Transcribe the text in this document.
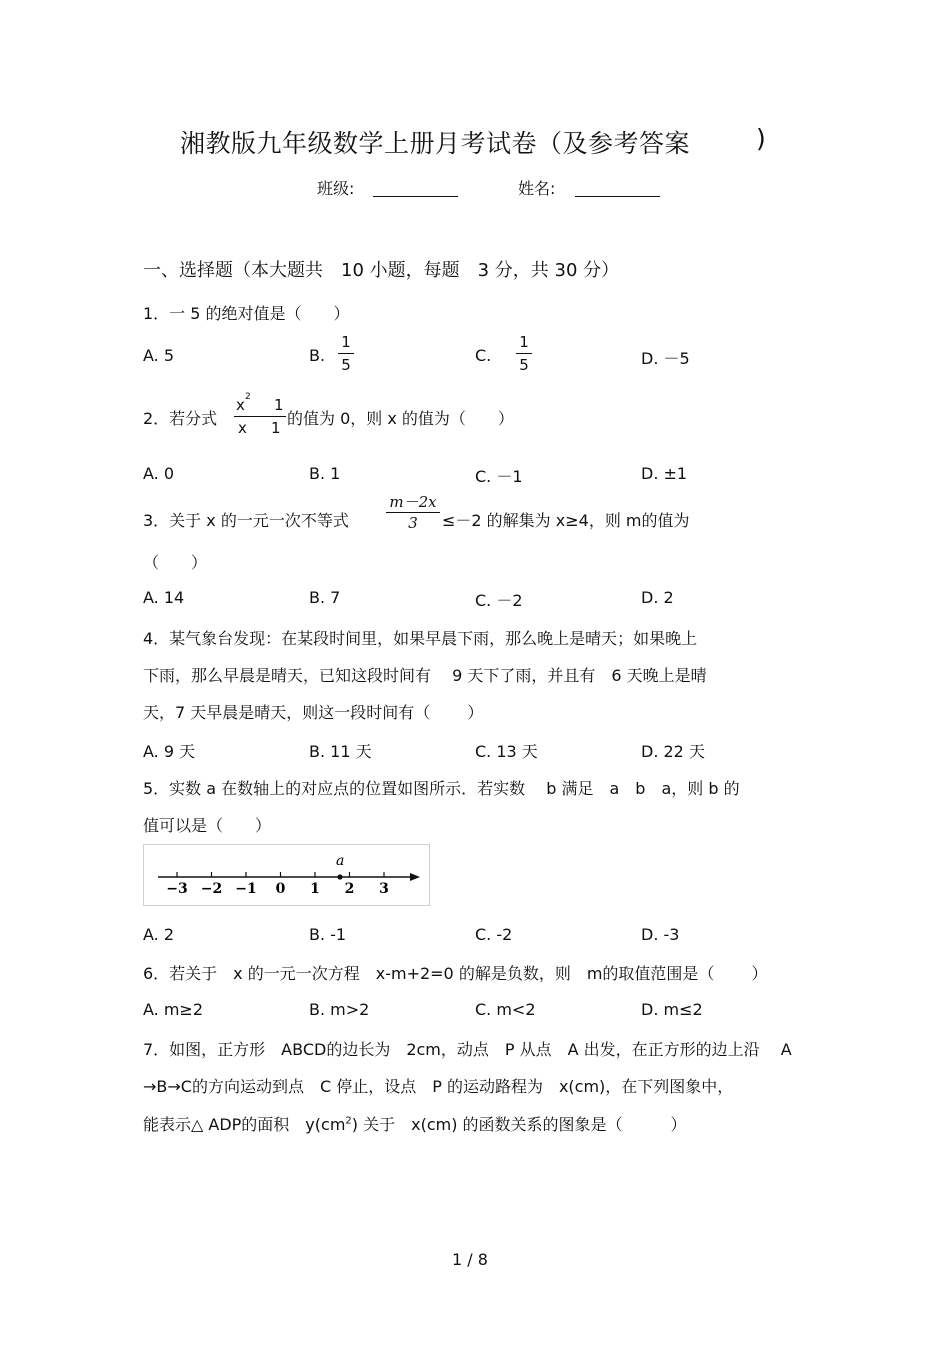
湘教版九年级数学上册月考试卷（及参考答案	)
班级:	姓名:
一、选择题（本大题共　10 小题，每题　3 分，共 30 分）
1．一 5 的绝对值是（　　）
A. 5	B.
1
5	C.
1
5	D. －5
2．若分式
x 2 1
x 1 的值为 0，则 x 的值为（　　）
A. 0	B. 1	C. －1	D. ±1
3．关于 x 的一元一次不等式
m－2x
3	≤－2 的解集为 x≥4，则 m的值为
（　　）
A. 14	B. 7	C. －2	D. 2
4．某气象台发现：在某段时间里，如果早晨下雨，那么晚上是晴天；如果晚上
下雨，那么早晨是晴天，已知这段时间有　 9 天下了雨，并且有　6 天晚上是晴
天，7 天早晨是晴天，则这一段时间有（　　 ）
A. 9 天	B. 11 天	C. 13 天	D. 22 天
5．实数 a 在数轴上的对应点的位置如图所示．若实数　 b 满足　a　b　a，则 b 的
值可以是（　　）
−3 −2 −1 0 1 2 3
a
A. 2	B. -1	C. -2	D. -3
6．若关于　x 的一元一次方程　x-m+2=0 的解是负数，则　m的取值范围是（　　 ）
A. m≥2	B. m>2	C. m<2	D. m≤2
7．如图，正方形　ABCD的边长为　2cm，动点　P 从点　A 出发，在正方形的边上沿　 A
→B→C的方向运动到点　C 停止，设点　P 的运动路程为　x(cm)，在下列图象中，
能表示△ ADP的面积　$y(cm^2)$ 关于　x(cm) 的函数关系的图象是（　　　）
1 / 8
